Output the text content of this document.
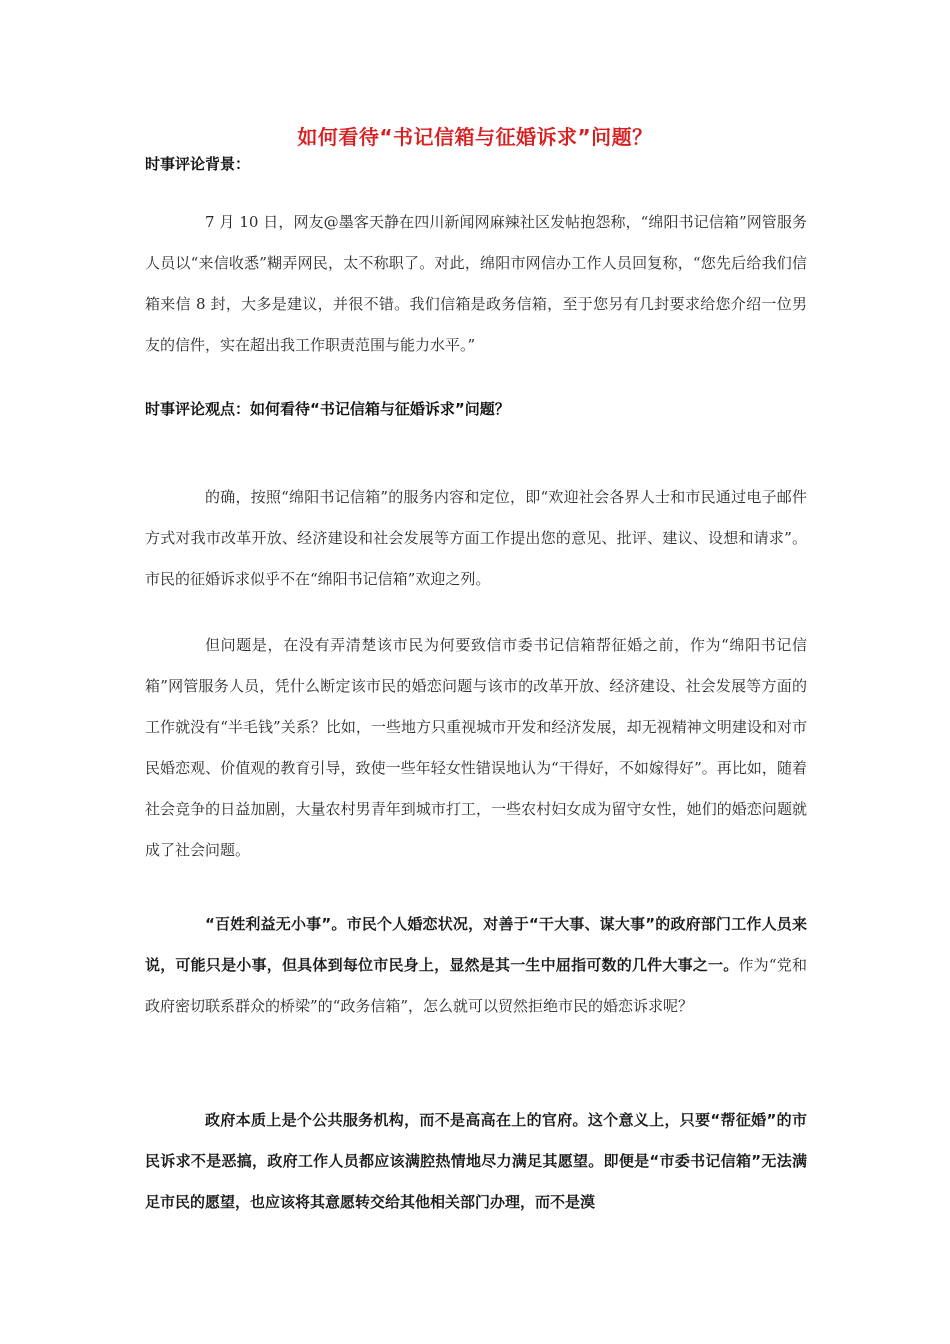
如何看待“书记信箱与征婚诉求”问题？
时事评论背景：

7 月 10 日，网友@墨客天静在四川新闻网麻辣社区发帖抱怨称，“绵阳书记信箱”网管服务人员以“来信收悉”糊弄网民，太不称职了。对此，绵阳市网信办工作人员回复称，“您先后给我们信箱来信 8 封，大多是建议，并很不错。我们信箱是政务信箱，至于您另有几封要求给您介绍一位男友的信件，实在超出我工作职责范围与能力水平。”

时事评论观点：如何看待“书记信箱与征婚诉求”问题？

的确，按照“绵阳书记信箱”的服务内容和定位，即“欢迎社会各界人士和市民通过电子邮件方式对我市改革开放、经济建设和社会发展等方面工作提出您的意见、批评、建议、设想和请求”。市民的征婚诉求似乎不在“绵阳书记信箱”欢迎之列。

但问题是，在没有弄清楚该市民为何要致信市委书记信箱帮征婚之前，作为“绵阳书记信箱”网管服务人员，凭什么断定该市民的婚恋问题与该市的改革开放、经济建设、社会发展等方面的工作就没有“半毛钱”关系？比如，一些地方只重视城市开发和经济发展，却无视精神文明建设和对市民婚恋观、价值观的教育引导，致使一些年轻女性错误地认为“干得好，不如嫁得好”。再比如，随着社会竞争的日益加剧，大量农村男青年到城市打工，一些农村妇女成为留守女性，她们的婚恋问题就成了社会问题。

“百姓利益无小事”。市民个人婚恋状况，对善于“干大事、谋大事”的政府部门工作人员来说，可能只是小事，但具体到每位市民身上，显然是其一生中屈指可数的几件大事之一。作为“党和政府密切联系群众的桥梁”的“政务信箱”，怎么就可以贸然拒绝市民的婚恋诉求呢？

政府本质上是个公共服务机构，而不是高高在上的官府。这个意义上，只要“帮征婚”的市民诉求不是恶搞，政府工作人员都应该满腔热情地尽力满足其愿望。即便是“市委书记信箱”无法满足市民的愿望，也应该将其意愿转交给其他相关部门办理，而不是漠
